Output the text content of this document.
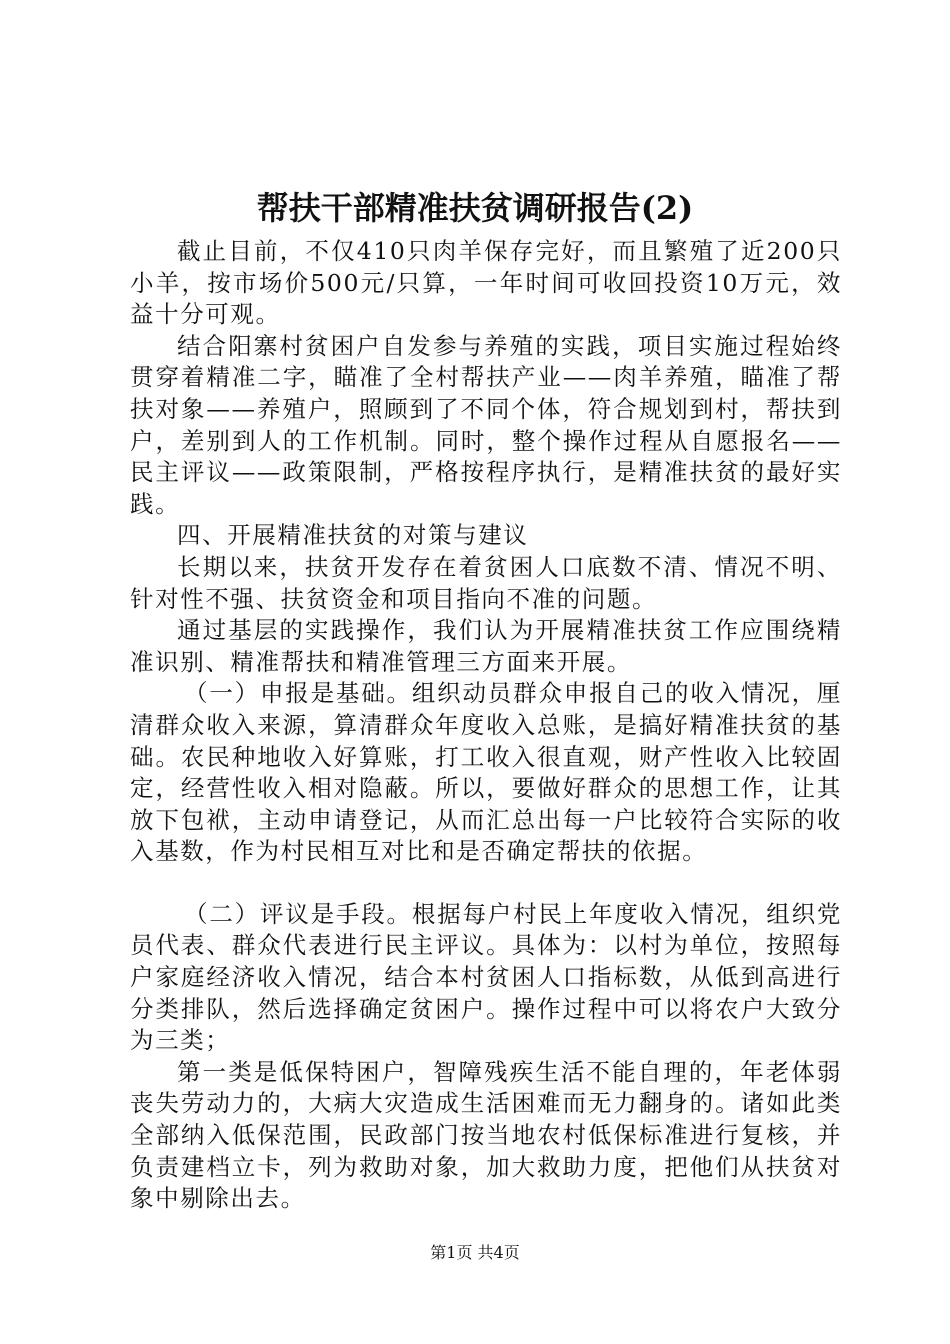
帮扶干部精准扶贫调研报告(2)

截止目前，不仅410只肉羊保存完好，而且繁殖了近200只小羊，按市场价500元/只算，一年时间可收回投资10万元，效益十分可观。

结合阳寨村贫困户自发参与养殖的实践，项目实施过程始终贯穿着精准二字，瞄准了全村帮扶产业——肉羊养殖，瞄准了帮扶对象——养殖户，照顾到了不同个体，符合规划到村，帮扶到户，差别到人的工作机制。同时，整个操作过程从自愿报名——民主评议——政策限制，严格按程序执行，是精准扶贫的最好实践。

四、开展精准扶贫的对策与建议

长期以来，扶贫开发存在着贫困人口底数不清、情况不明、针对性不强、扶贫资金和项目指向不准的问题。

通过基层的实践操作，我们认为开展精准扶贫工作应围绕精准识别、精准帮扶和精准管理三方面来开展。

（一）申报是基础。组织动员群众申报自己的收入情况，厘清群众收入来源，算清群众年度收入总账，是搞好精准扶贫的基础。农民种地收入好算账，打工收入很直观，财产性收入比较固定，经营性收入相对隐蔽。所以，要做好群众的思想工作，让其放下包袱，主动申请登记，从而汇总出每一户比较符合实际的收入基数，作为村民相互对比和是否确定帮扶的依据。

（二）评议是手段。根据每户村民上年度收入情况，组织党员代表、群众代表进行民主评议。具体为：以村为单位，按照每户家庭经济收入情况，结合本村贫困人口指标数，从低到高进行分类排队，然后选择确定贫困户。操作过程中可以将农户大致分为三类；

第一类是低保特困户，智障残疾生活不能自理的，年老体弱丧失劳动力的，大病大灾造成生活困难而无力翻身的。诸如此类全部纳入低保范围，民政部门按当地农村低保标准进行复核，并负责建档立卡，列为救助对象，加大救助力度，把他们从扶贫对象中剔除出去。

第1页 共4页
